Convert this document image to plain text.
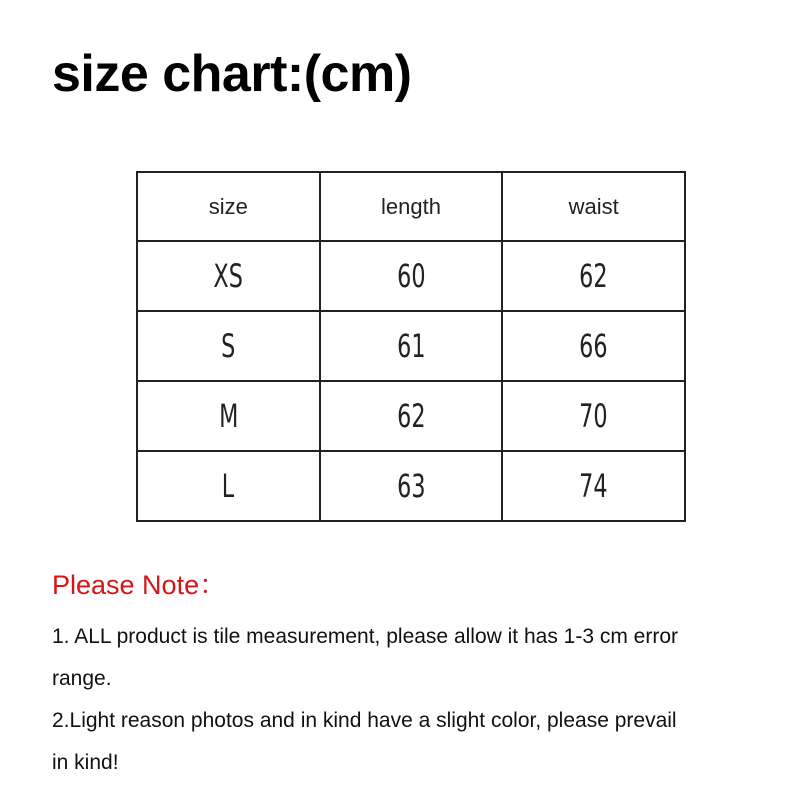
size chart:(cm)
size	length	waist
XS	60	62
S	61	66
M	62	70
L	63	74
Please Note：
1. ALL product is tile measurement, please allow it has 1-3 cm error
range.
2.Light reason photos and in kind have a slight color, please prevail
in kind!
